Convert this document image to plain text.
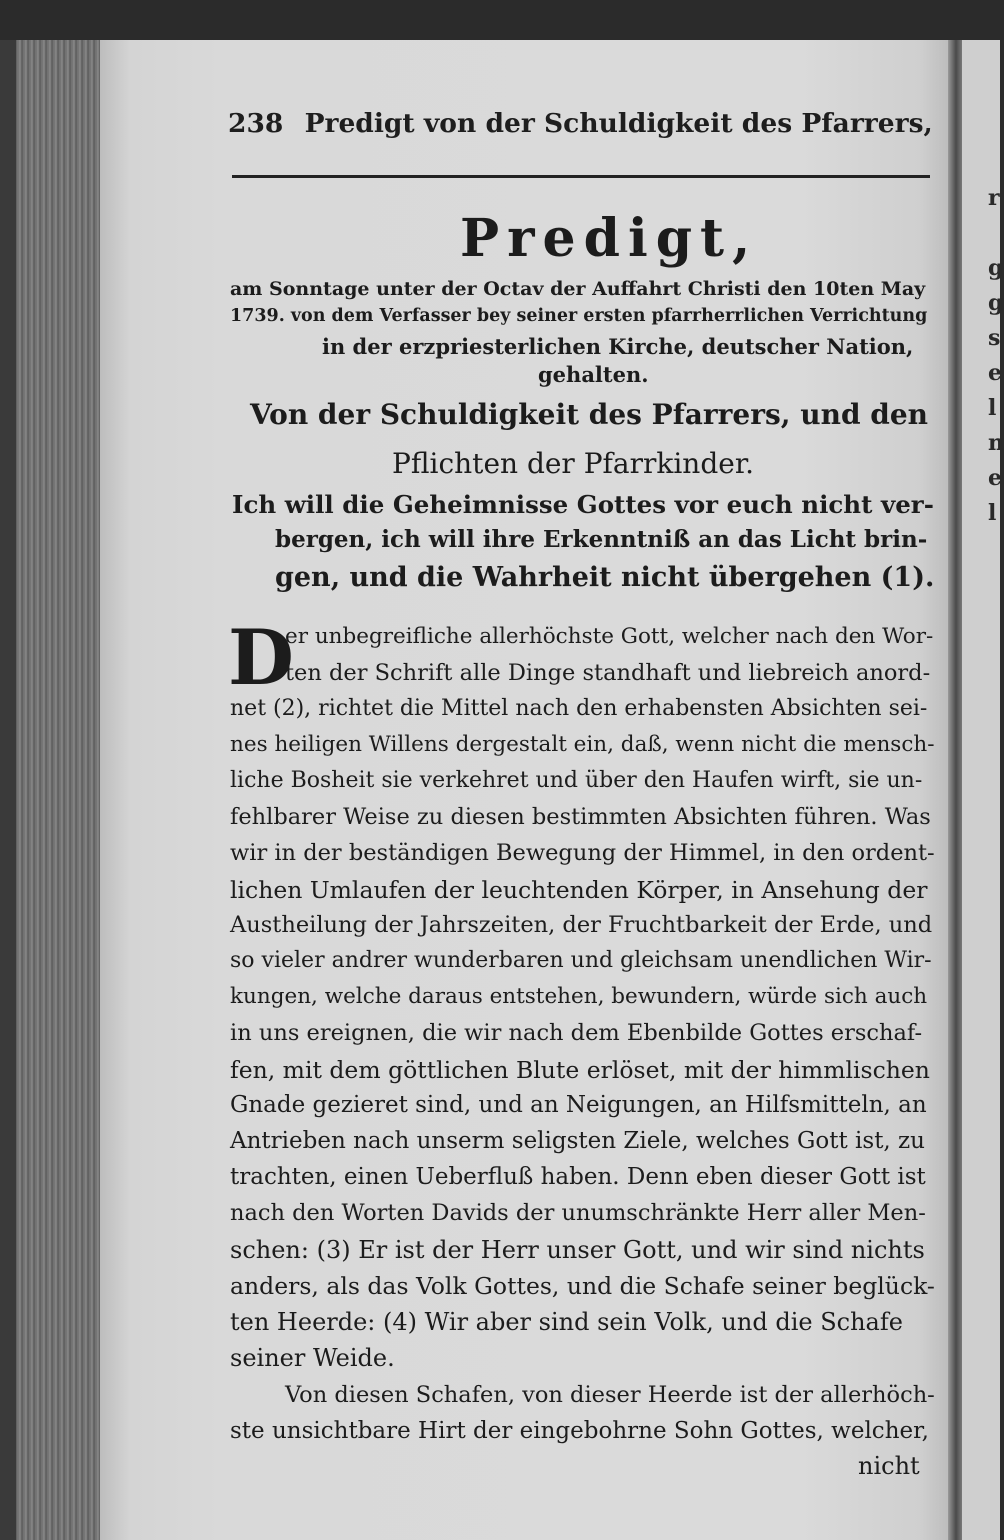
238 Predigt von der Schuldigkeit des Pfarrers,
Predigt,
am Sonntage unter der Octav der Auffahrt Christi den 10ten May
1739. von dem Verfasser bey seiner ersten pfarrherrlichen Verrichtung
in der erzpriesterlichen Kirche, deutscher Nation,
gehalten.
Von der Schuldigkeit des Pfarrers, und den
Pflichten der Pfarrkinder.
Ich will die Geheimnisse Gottes vor euch nicht ver-
bergen, ich will ihre Erkenntniß an das Licht brin-
gen, und die Wahrheit nicht übergehen (1).
D
er unbegreifliche allerhöchste Gott, welcher nach den Wor-
ten der Schrift alle Dinge standhaft und liebreich anord-
net (2), richtet die Mittel nach den erhabensten Absichten sei-
nes heiligen Willens dergestalt ein, daß, wenn nicht die mensch-
liche Bosheit sie verkehret und über den Haufen wirft, sie un-
fehlbarer Weise zu diesen bestimmten Absichten führen. Was
wir in der beständigen Bewegung der Himmel, in den ordent-
lichen Umlaufen der leuchtenden Körper, in Ansehung der
Austheilung der Jahrszeiten, der Fruchtbarkeit der Erde, und
so vieler andrer wunderbaren und gleichsam unendlichen Wir-
kungen, welche daraus entstehen, bewundern, würde sich auch
in uns ereignen, die wir nach dem Ebenbilde Gottes erschaf-
fen, mit dem göttlichen Blute erlöset, mit der himmlischen
Gnade gezieret sind, und an Neigungen, an Hilfsmitteln, an
Antrieben nach unserm seligsten Ziele, welches Gott ist, zu
trachten, einen Ueberfluß haben. Denn eben dieser Gott ist
nach den Worten Davids der unumschränkte Herr aller Men-
schen: (3) Er ist der Herr unser Gott, und wir sind nichts
anders, als das Volk Gottes, und die Schafe seiner beglück-
ten Heerde: (4) Wir aber sind sein Volk, und die Schafe
seiner Weide.
Von diesen Schafen, von dieser Heerde ist der allerhöch-
ste unsichtbare Hirt der eingebohrne Sohn Gottes, welcher,
nicht
r
g
g
s
e
l
n
e
l
